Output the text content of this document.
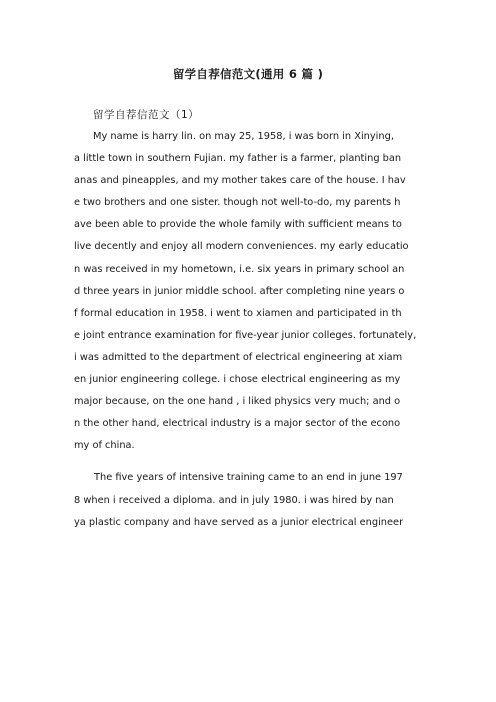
留学自荐信范文(通用 6 篇 )
留学自荐信范文（1）
My name is harry lin. on may 25, 1958, i was born in Xinying,
a little town in southern Fujian. my father is a farmer, planting ban
anas and pineapples, and my mother takes care of the house. I hav
e two brothers and one sister. though not well-to-do, my parents h
ave been able to provide the whole family with sufficient means to
live decently and enjoy all modern conveniences. my early educatio
n was received in my hometown, i.e. six years in primary school an
d three years in junior middle school. after completing nine years o
f formal education in 1958. i went to xiamen and participated in th
e joint entrance examination for five-year junior colleges. fortunately,
i was admitted to the department of electrical engineering at xiam
en junior engineering college. i chose electrical engineering as my
major because, on the one hand , i liked physics very much; and o
n the other hand, electrical industry is a major sector of the econo
my of china.
The five years of intensive training came to an end in june 197
8 when i received a diploma. and in july 1980. i was hired by nan
ya plastic company and have served as a junior electrical engineer
